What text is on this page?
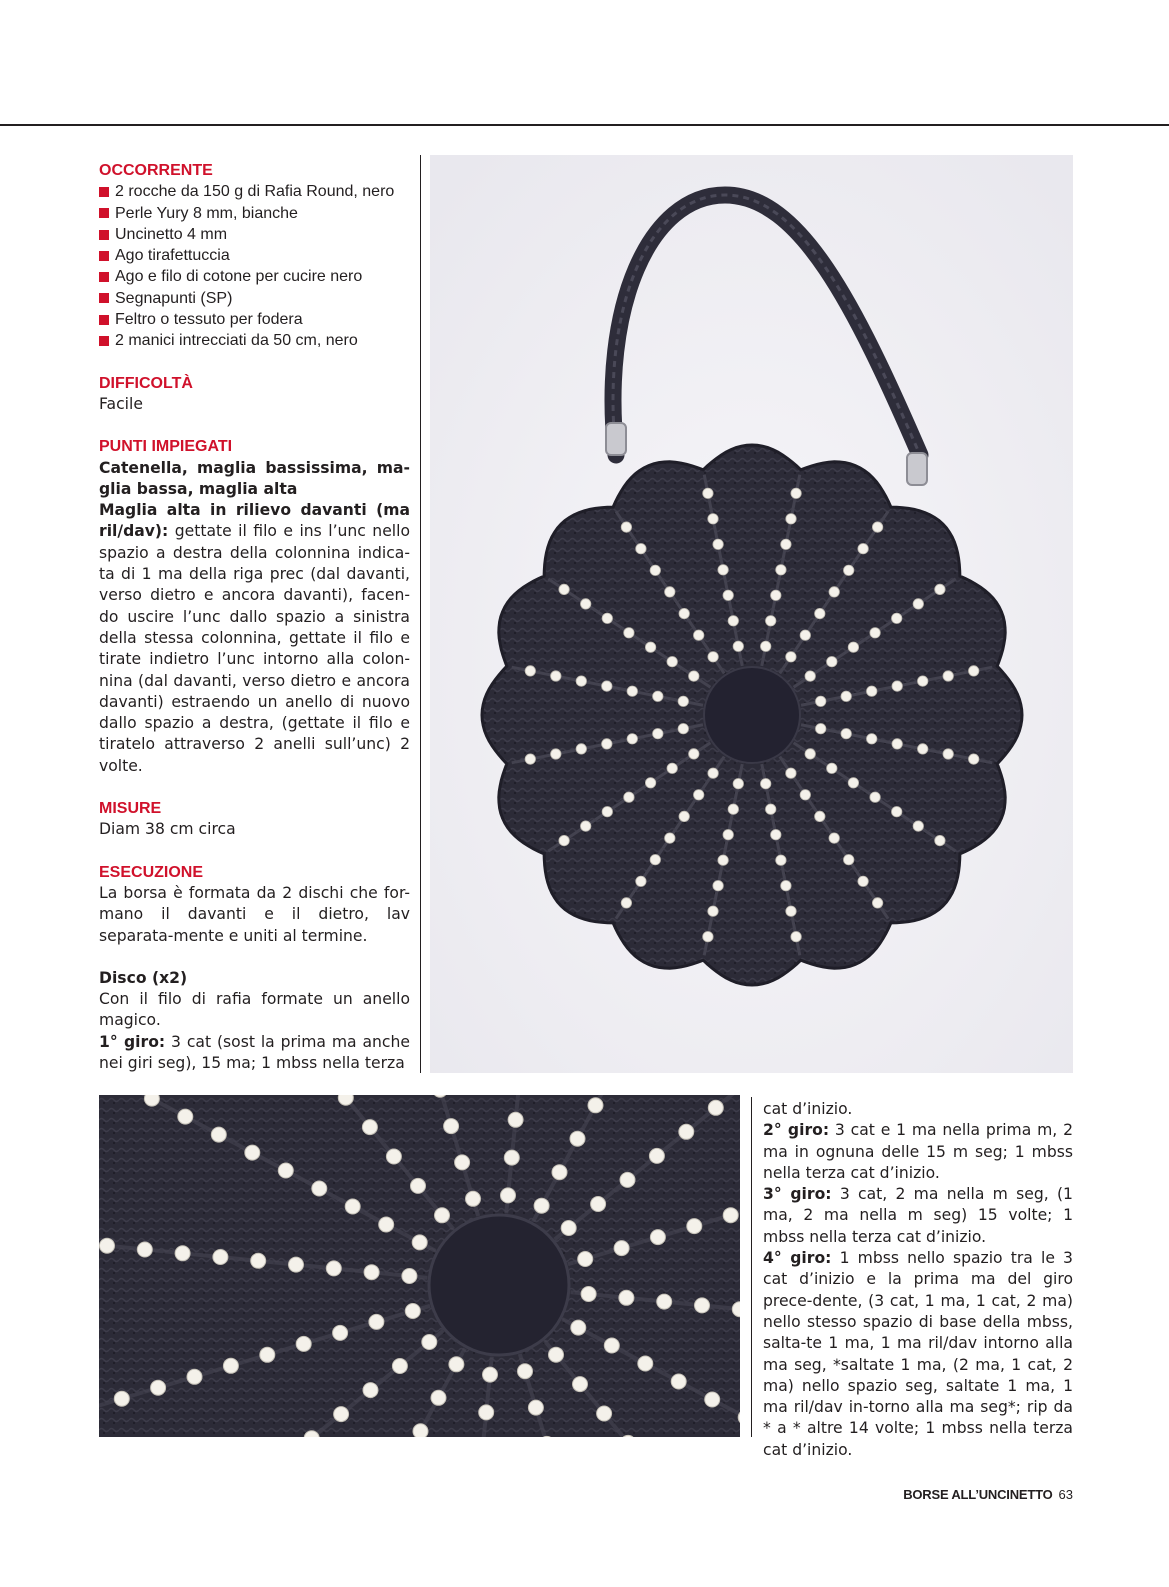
OCCORRENTE

2 rocche da 150 g di Rafia Round, nero
Perle Yury 8 mm, bianche
Uncinetto 4 mm
Ago tirafettuccia
Ago e filo di cotone per cucire nero
Segnapunti (SP)
Feltro o tessuto per fodera
2 manici intrecciati da 50 cm, nero

DIFFICOLTÀ

Facile

PUNTI IMPIEGATI

Catenella, maglia bassissima, ma-

glia bassa, maglia alta

Maglia alta in rilievo davanti (ma ril/dav): gettate il filo e ins l’unc nello spazio a destra della colonnina indica-ta di 1 ma della riga prec (dal davanti, verso dietro e ancora davanti), facen-do uscire l’unc dallo spazio a sinistra della stessa colonnina, gettate il filo e tirate indietro l’unc intorno alla colon-nina (dal davanti, verso dietro e ancora davanti) estraendo un anello di nuovo dallo spazio a destra, (gettate il filo e tiratelo attraverso 2 anelli sull’unc) 2 volte.

MISURE

Diam 38 cm circa

ESECUZIONE

La borsa è formata da 2 dischi che for-mano il davanti e il dietro, lav separata-mente e uniti al termine.

Disco (x2)

Con il filo di rafia formate un anello magico.

1° giro: 3 cat (sost la prima ma anche nei giri seg), 15 ma; 1 mbss nella terza

cat d’inizio.

2° giro: 3 cat e 1 ma nella prima m, 2 ma in ognuna delle 15 m seg; 1 mbss nella terza cat d’inizio.

3° giro: 3 cat, 2 ma nella m seg, (1 ma, 2 ma nella m seg) 15 volte; 1 mbss nella terza cat d’inizio.

4° giro: 1 mbss nello spazio tra le 3 cat d’inizio e la prima ma del giro prece-dente, (3 cat, 1 ma, 1 cat, 2 ma) nello stesso spazio di base della mbss, salta-te 1 ma, 1 ma ril/dav intorno alla ma seg, *saltate 1 ma, (2 ma, 1 cat, 2 ma) nello spazio seg, saltate 1 ma, 1 ma ril/dav in-torno alla ma seg*; rip da * a * altre 14 volte; 1 mbss nella terza cat d’inizio.

BORSE ALL’UNCINETTO 63
